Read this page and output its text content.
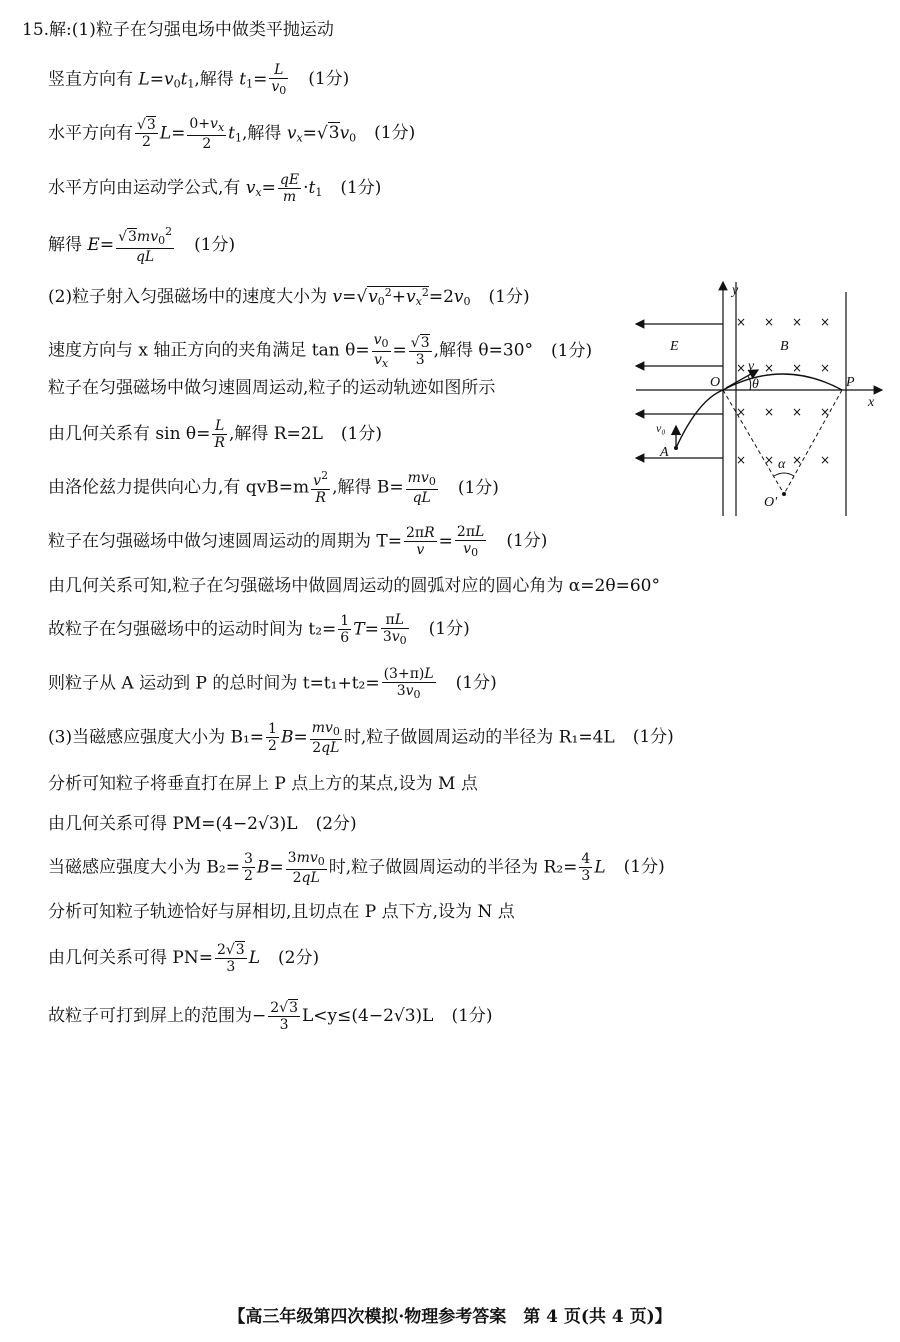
15.解:(1)粒子在匀强电场中做类平抛运动
竖直方向有 $L=v_0t_1$,解得 $t_1= \frac{L}{v_0} (1$分)
水平方向有 $\frac{√3}{2} L= \frac{0+v_x}{2} t_1$,解得 $v_x=√3v_0$ (1分)
水平方向由运动学公式,有 $v_x= \frac{qE}{m} \cdot t_1$ (1分)
解得 $E= \frac{√3mv_0^2}{qL} (1$分)
(2)粒子射入匀强磁场中的速度大小为 $v=√v_0^2+v_x^2=2v_0$ (1分)
速度方向与 x 轴正方向的夹角满足 $\tan \theta= \frac{v_0}{v_x} = \frac{√3}{3}$ ,解得 θ=30° (1分)
粒子在匀强磁场中做匀速圆周运动,粒子的运动轨迹如图所示
由几何关系有 $\sin \theta= \frac{L}{R}$ ,解得 R=2L (1分)
由洛伦兹力提供向心力,有 $qvB=m \frac{v^2}{R}$ ,解得 $B= \frac{mv_0}{qL} (1$分)
粒子在匀强磁场中做匀速圆周运动的周期为 $T= \frac{2\pi R}{v} = \frac{2\pi L}{v_0} (1$分)
由几何关系可知,粒子在匀强磁场中做圆周运动的圆弧对应的圆心角为 α=2θ=60°
故粒子在匀强磁场中的运动时间为 $t_2= \frac{1}{6} T= \frac{\pi L}{3v_0} (1$分)
则粒子从 A 运动到 P 的总时间为 $t=t_1+t_2= \frac{(3+\pi)L}{3v_0} (1$分)
(3)当磁感应强度大小为 $B_1= \frac{1}{2} B= \frac{mv_0}{2qL}$ 时,粒子做圆周运动的半径为 R₁=4L (1分)
分析可知粒子将垂直打在屏上 P 点上方的某点,设为 M 点
由几何关系可得 PM=(4−2√3)L (2分)
当磁感应强度大小为 $B_2= \frac{3}{2} B= \frac{3mv_0}{2qL}$ 时,粒子做圆周运动的半径为 $R_2= \frac{4}{3}$ L (1分)
分析可知粒子轨迹恰好与屏相切,且切点在 P 点下方,设为 N 点
由几何关系可得 $PN= \frac{2√3}{3}$ L (2分)
故粒子可打到屏上的范围为− $\frac{2√3}{3} L<y\le(4-2√3)L$ (1分)
× × × ×
× × × ×
× × × ×
× × × ×
y
x
E	B
O	P
A
v
θ
α
O'
v₀
【高三年级第四次模拟·物理参考答案　第 4 页(共 4 页)】
